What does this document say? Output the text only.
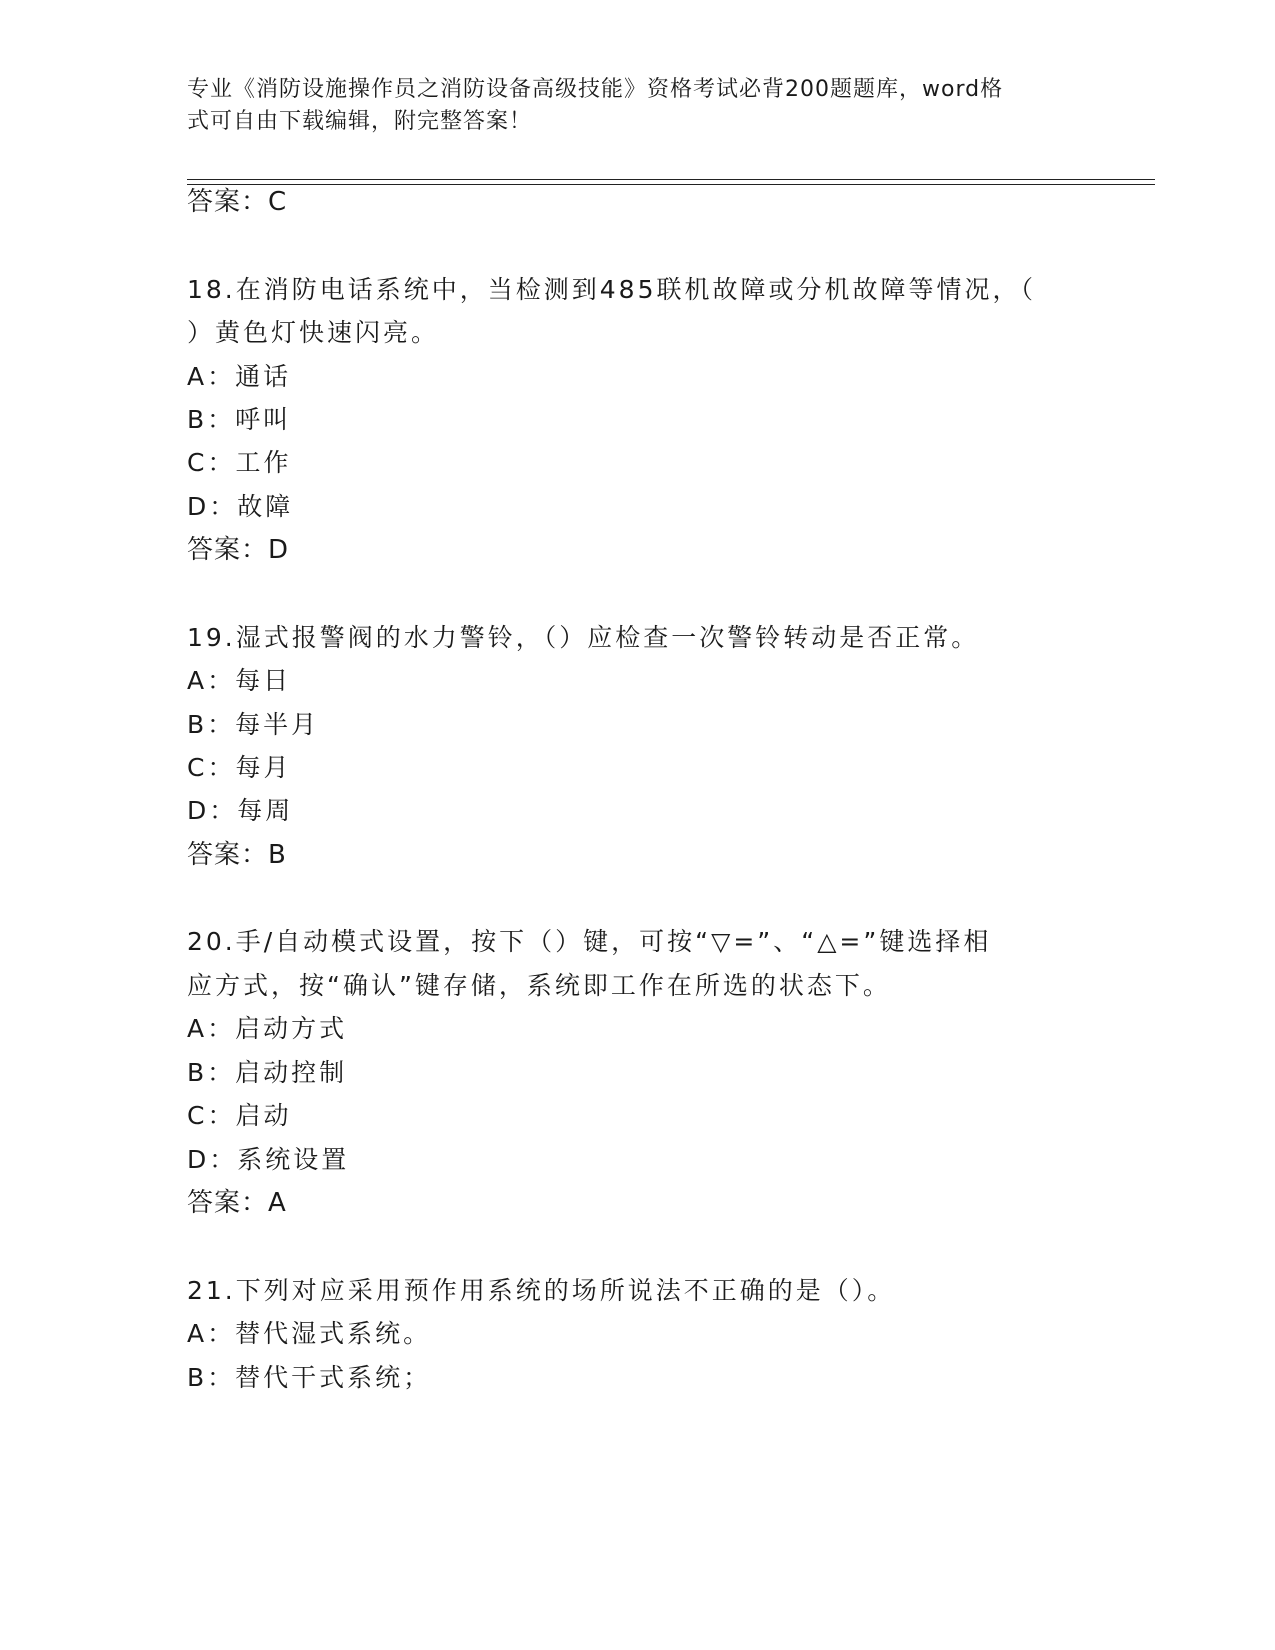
专业《消防设施操作员之消防设备高级技能》资格考试必背200题题库，word格
式可自由下载编辑，附完整答案！
答案：C
18.在消防电话系统中，当检测到485联机故障或分机故障等情况，（
）黄色灯快速闪亮。
A：通话
B：呼叫
C：工作
D：故障
答案：D
19.湿式报警阀的水力警铃，（）应检查一次警铃转动是否正常。
A：每日
B：每半月
C：每月
D：每周
答案：B
20.手/自动模式设置，按下（）键，可按“▽=”、“△=”键选择相
应方式，按“确认”键存储，系统即工作在所选的状态下。
A：启动方式
B：启动控制
C：启动
D：系统设置
答案：A
21.下列对应采用预作用系统的场所说法不正确的是（）。
A：替代湿式系统。
B：替代干式系统；
